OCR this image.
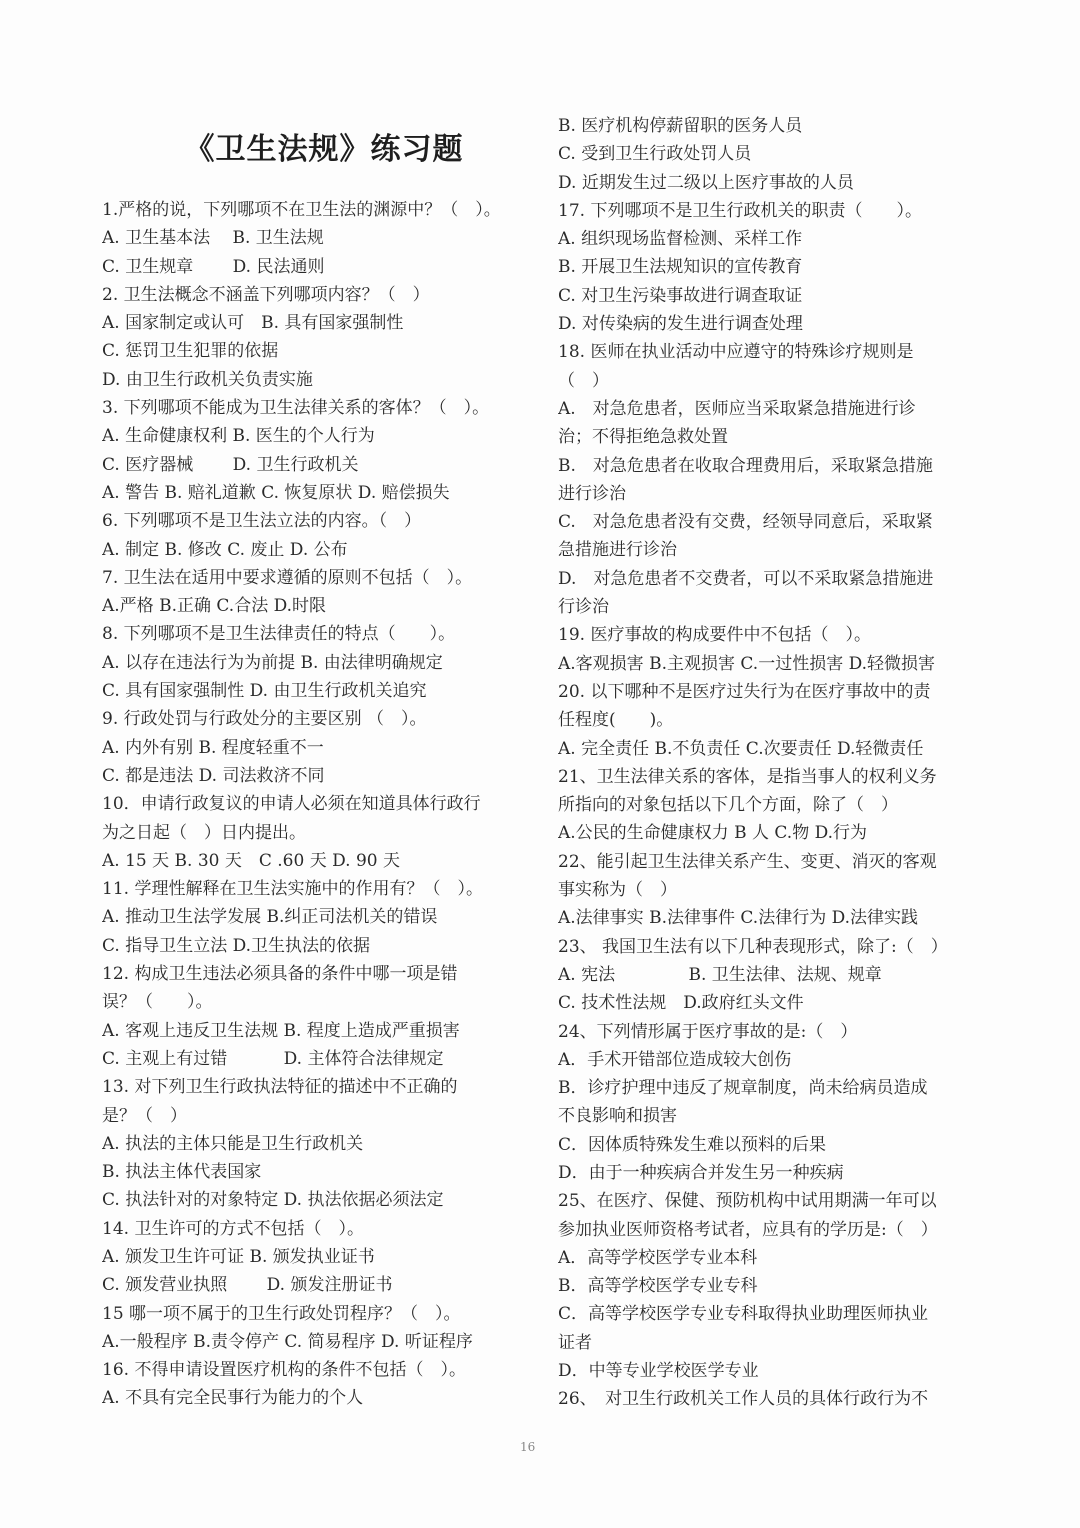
《卫生法规》练习题
1.严格的说，下列哪项不在卫生法的渊源中？（　）。
A. 卫生基本法　 B. 卫生法规
C. 卫生规章　　 D. 民法通则
2. 卫生法概念不涵盖下列哪项内容？（　）
A. 国家制定或认可　B. 具有国家强制性
C. 惩罚卫生犯罪的依据
D. 由卫生行政机关负责实施
3. 下列哪项不能成为卫生法律关系的客体？（　）。
A. 生命健康权利 B. 医生的个人行为
C. 医疗器械　　 D. 卫生行政机关
A. 警告 B. 赔礼道歉 C. 恢复原状 D. 赔偿损失
6. 下列哪项不是卫生法立法的内容。（　）
A. 制定 B. 修改 C. 废止 D. 公布
7. 卫生法在适用中要求遵循的原则不包括（　）。
A.严格 B.正确 C.合法 D.时限
8. 下列哪项不是卫生法律责任的特点（　　）。
A. 以存在违法行为为前提 B. 由法律明确规定
C. 具有国家强制性 D. 由卫生行政机关追究
9. 行政处罚与行政处分的主要区别 （　）。
A. 内外有别 B. 程度轻重不一
C. 都是违法 D. 司法救济不同
10．申请行政复议的申请人必须在知道具体行政行
为之日起（　）日内提出。
A. 15 天 B. 30 天　C .60 天 D. 90 天
11. 学理性解释在卫生法实施中的作用有？（　）。
A. 推动卫生法学发展 B.纠正司法机关的错误
C. 指导卫生立法 D.卫生执法的依据
12. 构成卫生违法必须具备的条件中哪一项是错
误？（　　）。
A. 客观上违反卫生法规 B. 程度上造成严重损害
C. 主观上有过错　　　 D. 主体符合法律规定
13. 对下列卫生行政执法特征的描述中不正确的
是？（　）
A. 执法的主体只能是卫生行政机关
B. 执法主体代表国家
C. 执法针对的对象特定 D. 执法依据必须法定
14. 卫生许可的方式不包括（　）。
A. 颁发卫生许可证 B. 颁发执业证书
C. 颁发营业执照　　 D. 颁发注册证书
15 哪一项不属于的卫生行政处罚程序？（　）。
A.一般程序 B.责令停产 C. 简易程序 D. 听证程序
16. 不得申请设置医疗机构的条件不包括（　）。
A. 不具有完全民事行为能力的个人
B. 医疗机构停薪留职的医务人员
C. 受到卫生行政处罚人员
D. 近期发生过二级以上医疗事故的人员
17. 下列哪项不是卫生行政机关的职责（　　）。
A. 组织现场监督检测、采样工作
B. 开展卫生法规知识的宣传教育
C. 对卫生污染事故进行调查取证
D. 对传染病的发生进行调查处理
18. 医师在执业活动中应遵守的特殊诊疗规则是
（　）
A.　对急危患者，医师应当采取紧急措施进行诊
治；不得拒绝急救处置
B.　对急危患者在收取合理费用后，采取紧急措施
进行诊治
C.　对急危患者没有交费，经领导同意后，采取紧
急措施进行诊治
D.　对急危患者不交费者，可以不采取紧急措施进
行诊治
19. 医疗事故的构成要件中不包括（　）。
A.客观损害 B.主观损害 C.一过性损害 D.轻微损害
20. 以下哪种不是医疗过失行为在医疗事故中的责
任程度(　　)。
A. 完全责任 B.不负责任 C.次要责任 D.轻微责任
21、卫生法律关系的客体，是指当事人的权利义务
所指向的对象包括以下几个方面，除了（　）
A.公民的生命健康权力 B 人 C.物 D.行为
22、能引起卫生法律关系产生、变更、消灭的客观
事实称为（　）
A.法律事实 B.法律事件 C.法律行为 D.法律实践
23、 我国卫生法有以下几种表现形式，除了:（　）
A. 宪法　　　　 B. 卫生法律、法规、规章
C. 技术性法规　D.政府红头文件
24、下列情形属于医疗事故的是:（　）
A．手术开错部位造成较大创伤
B．诊疗护理中违反了规章制度，尚未给病员造成
不良影响和损害
C．因体质特殊发生难以预料的后果
D．由于一种疾病合并发生另一种疾病
25、在医疗、保健、预防机构中试用期满一年可以
参加执业医师资格考试者，应具有的学历是:（　）
A．高等学校医学专业本科
B．高等学校医学专业专科
C．高等学校医学专业专科取得执业助理医师执业
证者
D．中等专业学校医学专业
26、　对卫生行政机关工作人员的具体行政行为不
16
